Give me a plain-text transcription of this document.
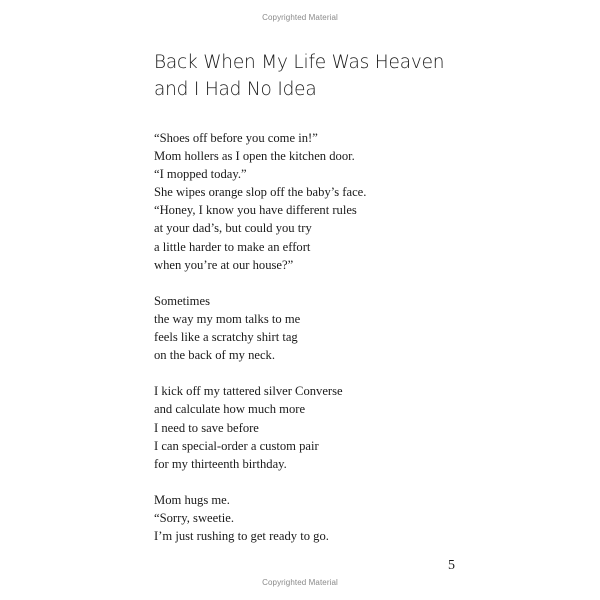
Copyrighted Material
Back When My Life Was Heaven
and I Had No Idea
“Shoes off before you come in!”
Mom hollers as I open the kitchen door.
“I mopped today.”
She wipes orange slop off the baby’s face.
“Honey, I know you have different rules
at your dad’s, but could you try
a little harder to make an effort
when you’re at our house?”
Sometimes
the way my mom talks to me
feels like a scratchy shirt tag
on the back of my neck.
I kick off my tattered silver Converse
and calculate how much more
I need to save before
I can special-order a custom pair
for my thirteenth birthday.
Mom hugs me.
“Sorry, sweetie.
I’m just rushing to get ready to go.
5
Copyrighted Material
